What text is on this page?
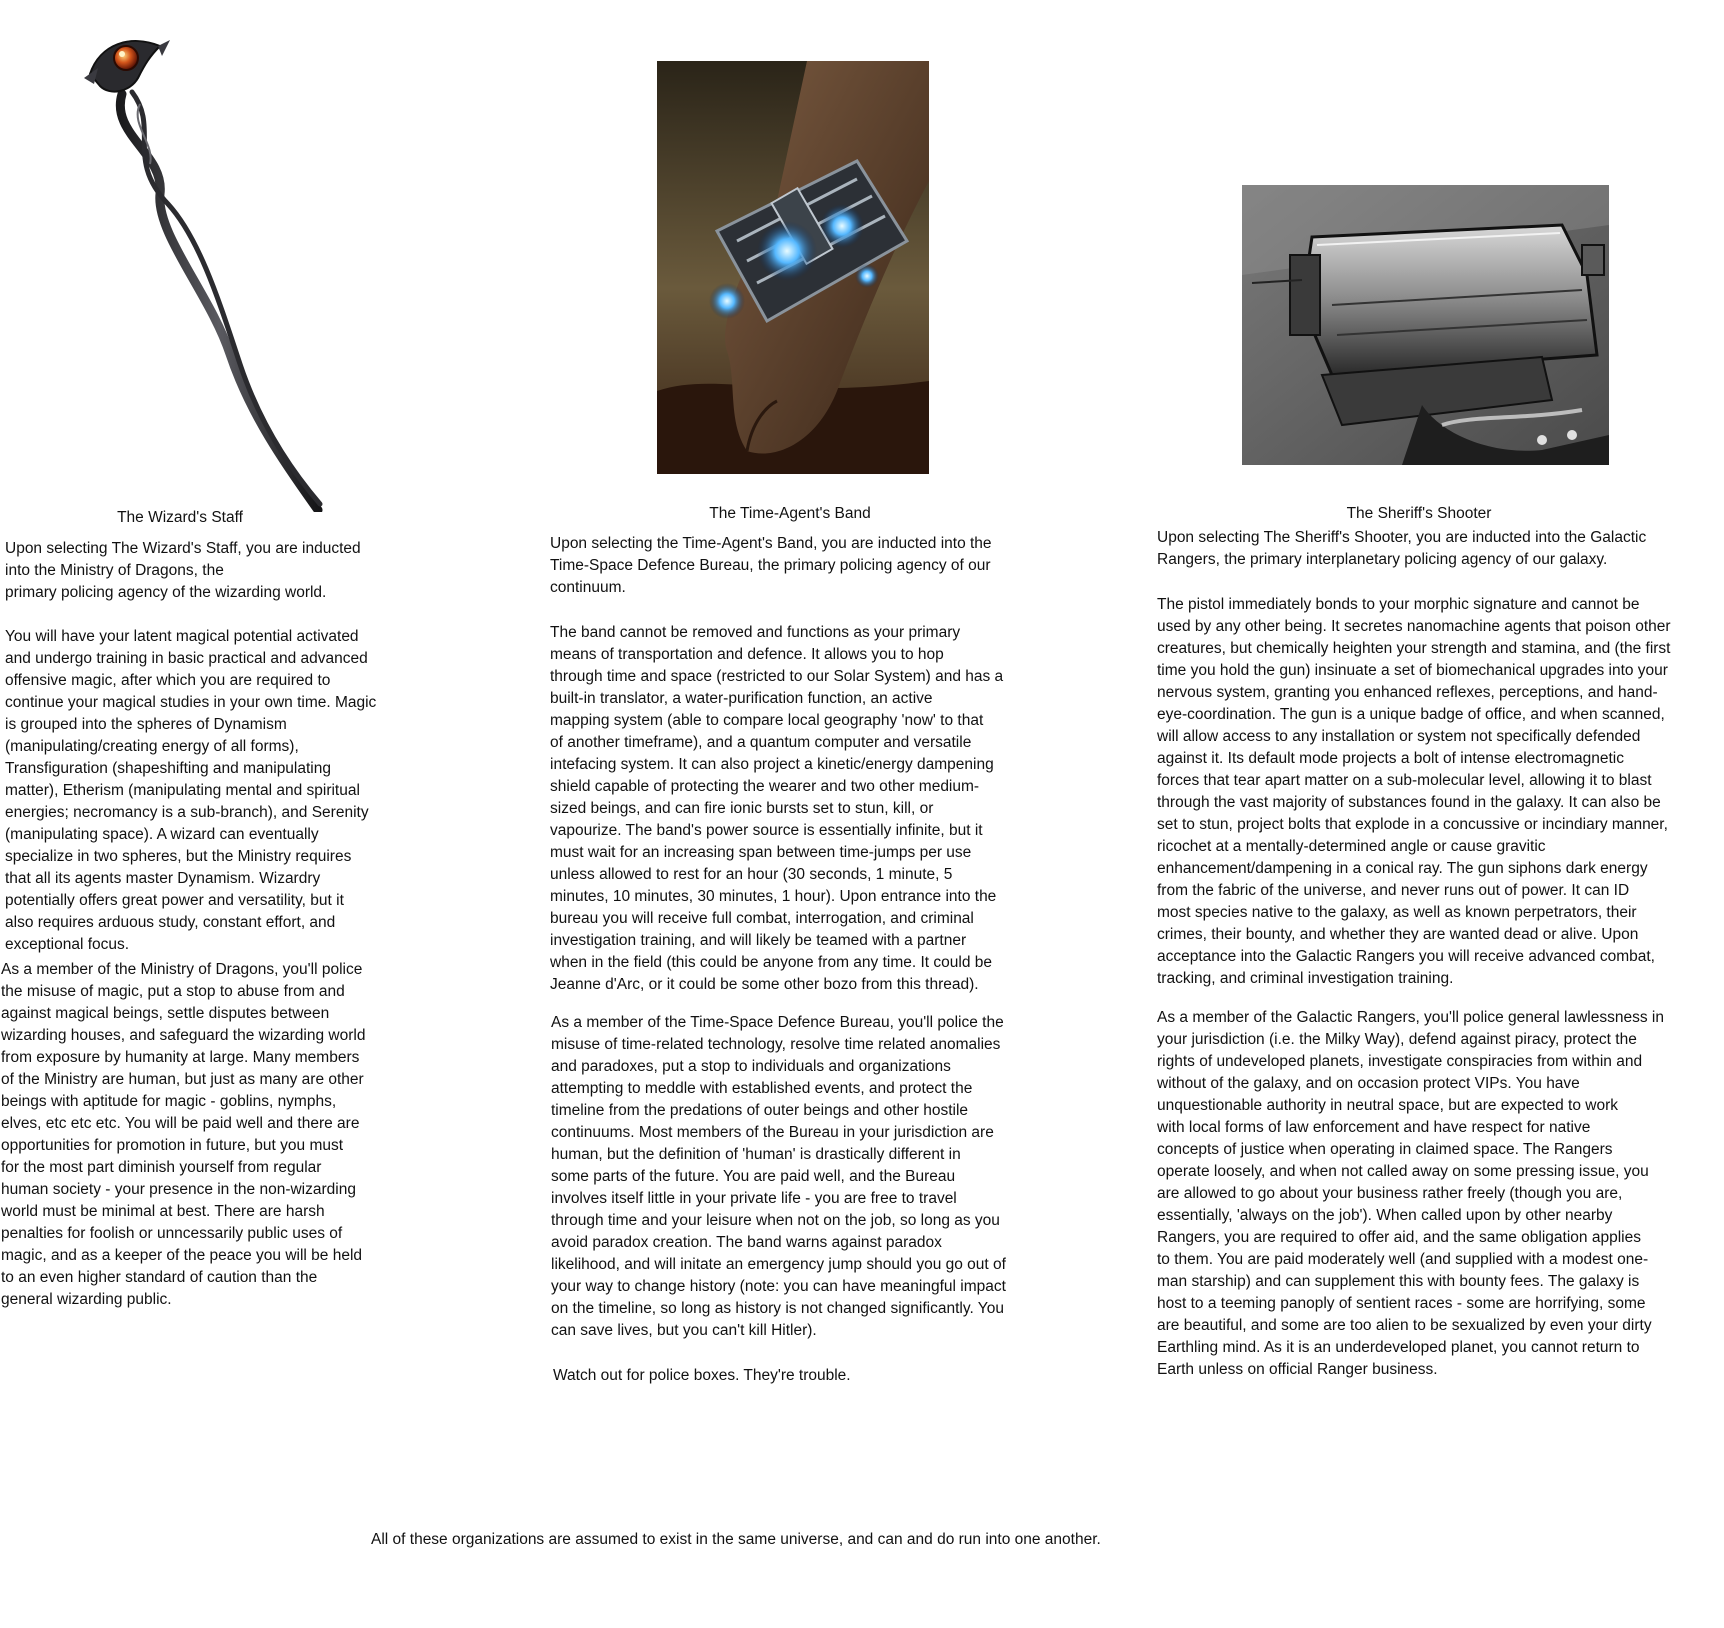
The Wizard's Staff

Upon selecting The Wizard's Staff, you are inducted
into the Ministry of Dragons, the
primary policing agency of the wizarding world.

You will have your latent magical potential activated
and undergo training in basic practical and advanced
offensive magic, after which you are required to
continue your magical studies in your own time. Magic
is grouped into the spheres of Dynamism
(manipulating/creating energy of all forms),
Transfiguration (shapeshifting and manipulating
matter), Etherism (manipulating mental and spiritual
energies; necromancy is a sub-branch), and Serenity
(manipulating space). A wizard can eventually
specialize in two spheres, but the Ministry requires
that all its agents master Dynamism. Wizardry
potentially offers great power and versatility, but it
also requires arduous study, constant effort, and
exceptional focus.

As a member of the Ministry of Dragons, you'll police
the misuse of magic, put a stop to abuse from and
against magical beings, settle disputes between
wizarding houses, and safeguard the wizarding world
from exposure by humanity at large. Many members
of the Ministry are human, but just as many are other
beings with aptitude for magic - goblins, nymphs,
elves, etc etc etc. You will be paid well and there are
opportunities for promotion in future, but you must
for the most part diminish yourself from regular
human society - your presence in the non-wizarding
world must be minimal at best. There are harsh
penalties for foolish or unncessarily public uses of
magic, and as a keeper of the peace you will be held
to an even higher standard of caution than the
general wizarding public.

The Time-Agent's Band

Upon selecting the Time-Agent's Band, you are inducted into the
Time-Space Defence Bureau, the primary policing agency of our
continuum.

The band cannot be removed and functions as your primary
means of transportation and defence. It allows you to hop
through time and space (restricted to our Solar System) and has a
built-in translator, a water-purification function, an active
mapping system (able to compare local geography 'now' to that
of another timeframe), and a quantum computer and versatile
intefacing system. It can also project a kinetic/energy dampening
shield capable of protecting the wearer and two other medium-
sized beings, and can fire ionic bursts set to stun, kill, or
vapourize. The band's power source is essentially infinite, but it
must wait for an increasing span between time-jumps per use
unless allowed to rest for an hour (30 seconds, 1 minute, 5
minutes, 10 minutes, 30 minutes, 1 hour). Upon entrance into the
bureau you will receive full combat, interrogation, and criminal
investigation training, and will likely be teamed with a partner
when in the field (this could be anyone from any time. It could be
Jeanne d'Arc, or it could be some other bozo from this thread).

As a member of the Time-Space Defence Bureau, you'll police the
misuse of time-related technology, resolve time related anomalies
and paradoxes, put a stop to individuals and organizations
attempting to meddle with established events, and protect the
timeline from the predations of outer beings and other hostile
continuums. Most members of the Bureau in your jurisdiction are
human, but the definition of 'human' is drastically different in
some parts of the future. You are paid well, and the Bureau
involves itself little in your private life - you are free to travel
through time and your leisure when not on the job, so long as you
avoid paradox creation. The band warns against paradox
likelihood, and will initate an emergency jump should you go out of
your way to change history (note: you can have meaningful impact
on the timeline, so long as history is not changed significantly. You
can save lives, but you can't kill Hitler).

Watch out for police boxes. They're trouble.

The Sheriff's Shooter

Upon selecting The Sheriff's Shooter, you are inducted into the Galactic
Rangers, the primary interplanetary policing agency of our galaxy.

The pistol immediately bonds to your morphic signature and cannot be
used by any other being. It secretes nanomachine agents that poison other
creatures, but chemically heighten your strength and stamina, and (the first
time you hold the gun) insinuate a set of biomechanical upgrades into your
nervous system, granting you enhanced reflexes, perceptions, and hand-
eye-coordination. The gun is a unique badge of office, and when scanned,
will allow access to any installation or system not specifically defended
against it. Its default mode projects a bolt of intense electromagnetic
forces that tear apart matter on a sub-molecular level, allowing it to blast
through the vast majority of substances found in the galaxy. It can also be
set to stun, project bolts that explode in a concussive or incindiary manner,
ricochet at a mentally-determined angle or cause gravitic
enhancement/dampening in a conical ray. The gun siphons dark energy
from the fabric of the universe, and never runs out of power. It can ID
most species native to the galaxy, as well as known perpetrators, their
crimes, their bounty, and whether they are wanted dead or alive. Upon
acceptance into the Galactic Rangers you will receive advanced combat,
tracking, and criminal investigation training.

As a member of the Galactic Rangers, you'll police general lawlessness in
your jurisdiction (i.e. the Milky Way), defend against piracy, protect the
rights of undeveloped planets, investigate conspiracies from within and
without of the galaxy, and on occasion protect VIPs. You have
unquestionable authority in neutral space, but are expected to work
with local forms of law enforcement and have respect for native
concepts of justice when operating in claimed space. The Rangers
operate loosely, and when not called away on some pressing issue, you
are allowed to go about your business rather freely (though you are,
essentially, 'always on the job'). When called upon by other nearby
Rangers, you are required to offer aid, and the same obligation applies
to them. You are paid moderately well (and supplied with a modest one-
man starship) and can supplement this with bounty fees. The galaxy is
host to a teeming panoply of sentient races - some are horrifying, some
are beautiful, and some are too alien to be sexualized by even your dirty
Earthling mind. As it is an underdeveloped planet, you cannot return to
Earth unless on official Ranger business.

All of these organizations are assumed to exist in the same universe, and can and do run into one another.
